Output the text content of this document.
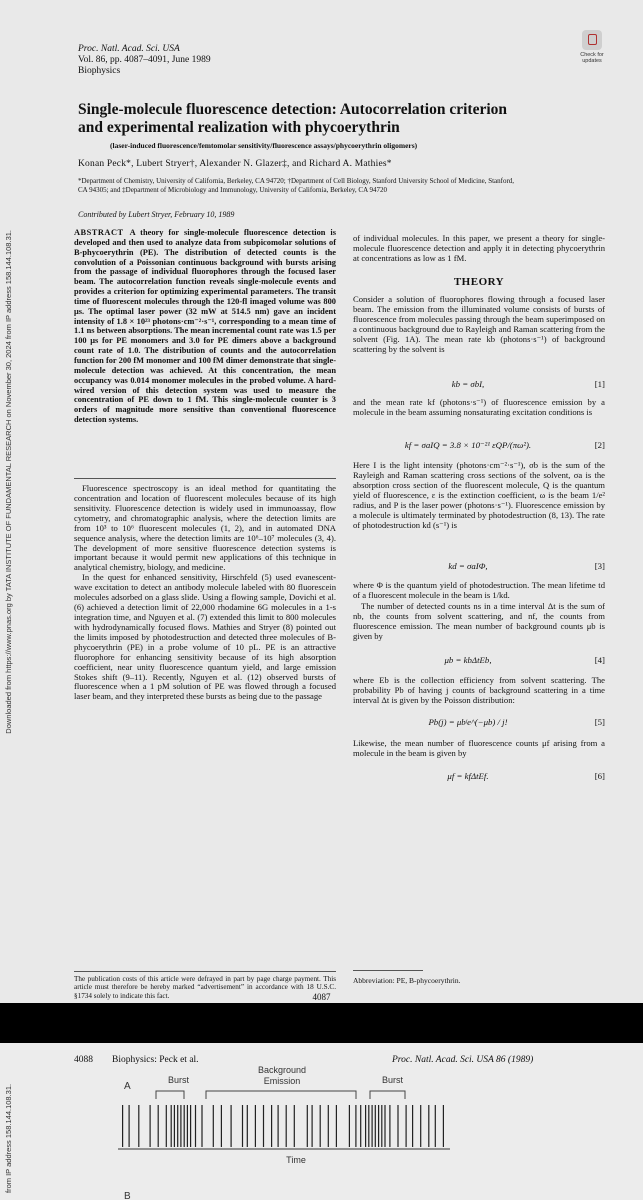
Downloaded from https://www.pnas.org by TATA INSTITUTE OF FUNDAMENTAL RESEARCH on November 30, 2024 from IP address 158.144.108.31.
Proc. Natl. Acad. Sci. USA
Vol. 86, pp. 4087–4091, June 1989
Biophysics
Check for
updates
Single-molecule fluorescence detection: Autocorrelation criterion
and experimental realization with phycoerythrin
(laser-induced fluorescence/femtomolar sensitivity/fluorescence assays/phycoerythrin oligomers)
Konan Peck*, Lubert Stryer†, Alexander N. Glazer‡, and Richard A. Mathies*
*Department of Chemistry, University of California, Berkeley, CA 94720; †Department of Cell Biology, Stanford University School of Medicine, Stanford,
CA 94305; and ‡Department of Microbiology and Immunology, University of California, Berkeley, CA 94720
Contributed by Lubert Stryer, February 10, 1989
ABSTRACT A theory for single-molecule fluorescence detection is developed and then used to analyze data from subpicomolar solutions of B-phycoerythrin (PE). The distribution of detected counts is the convolution of a Poissonian continuous background with bursts arising from the passage of individual fluorophores through the focused laser beam. The autocorrelation function reveals single-molecule events and provides a criterion for optimizing experimental parameters. The transit time of fluorescent molecules through the 120-fl imaged volume was 800 μs. The optimal laser power (32 mW at 514.5 nm) gave an incident intensity of 1.8 × 10²³ photons·cm⁻²·s⁻¹, corresponding to a mean time of 1.1 ns between absorptions. The mean incremental count rate was 1.5 per 100 μs for PE monomers and 3.0 for PE dimers above a background count rate of 1.0. The distribution of counts and the autocorrelation function for 200 fM monomer and 100 fM dimer demonstrate that single-molecule detection was achieved. At this concentration, the mean occupancy was 0.014 monomer molecules in the probed volume. A hard-wired version of this detection system was used to measure the concentration of PE down to 1 fM. This single-molecule counter is 3 orders of magnitude more sensitive than conventional fluorescence detection systems.

Fluorescence spectroscopy is an ideal method for quantitating the concentration and location of fluorescent molecules because of its high sensitivity. Fluorescence detection is widely used in immunoassay, flow cytometry, and chromatographic analysis, where the detection limits are from 10³ to 10⁶ fluorescent molecules (1, 2), and in automated DNA sequence analysis, where the detection limits are 10⁶–10⁷ molecules (3, 4). The development of more sensitive fluorescence detection systems is important because it would permit new applications of this technique in analytical chemistry, biology, and medicine.

In the quest for enhanced sensitivity, Hirschfeld (5) used evanescent-wave excitation to detect an antibody molecule labeled with 80 fluorescein molecules adsorbed on a glass slide. Using a flowing sample, Dovichi et al. (6) achieved a detection limit of 22,000 rhodamine 6G molecules in a 1-s integration time, and Nguyen et al. (7) extended this limit to 800 molecules with hydrodynamically focused flows. Mathies and Stryer (8) pointed out the limits imposed by photodestruction and detected three molecules of B-phycoerythrin (PE) in a probe volume of 10 pL. PE is an attractive fluorophore for enhancing sensitivity because of its high absorption coefficient, near unity fluorescence quantum yield, and large emission Stokes shift (9–11). Recently, Nguyen et al. (12) observed bursts of fluorescence when a 1 pM solution of PE was flowed through a focused laser beam, and they interpreted these bursts as being due to the passage

The publication costs of this article were defrayed in part by page charge payment. This article must therefore be hereby marked “advertisement” in accordance with 18 U.S.C. §1734 solely to indicate this fact.
of individual molecules. In this paper, we present a theory for single-molecule fluorescence detection and apply it in detecting phycoerythrin at concentrations as low as 1 fM.
THEORY
Consider a solution of fluorophores flowing through a focused laser beam. The emission from the illuminated volume consists of bursts of fluorescence from molecules passing through the beam superimposed on a continuous background due to Rayleigh and Raman scattering from the solvent (Fig. 1A). The mean rate kb (photons·s⁻¹) of background scattering by the solvent is
kb = σbI,	[1]
and the mean rate kf (photons·s⁻¹) of fluorescence emission by a molecule in the beam assuming nonsaturating excitation conditions is
kf = σaIQ = 3.8 × 10⁻²¹ εQP/(πω²).	[2]
Here I is the light intensity (photons·cm⁻²·s⁻¹), σb is the sum of the Rayleigh and Raman scattering cross sections of the solvent, σa is the absorption cross section of the fluorescent molecule, Q is the quantum yield of fluorescence, ε is the extinction coefficient, ω is the beam 1/e² radius, and P is the laser power (photons·s⁻¹). Fluorescence emission by a molecule is ultimately terminated by photodestruction (8, 13). The rate of photodestruction kd (s⁻¹) is
kd = σaIΦ,	[3]
where Φ is the quantum yield of photodestruction. The mean lifetime td of a fluorescent molecule in the beam is 1/kd.
The number of detected counts ns in a time interval Δt is the sum of nb, the counts from solvent scattering, and nf, the counts from fluorescence emission. The mean number of background counts μb is given by
μb = kbΔtEb,	[4]
where Eb is the collection efficiency from solvent scattering. The probability Pb of having j counts of background scattering in a time interval Δt is given by the Poisson distribution:
Pb(j) = μbʲe^(−μb) / j!	[5]
Likewise, the mean number of fluorescence counts μf arising from a molecule in the beam is given by
μf = kfΔtEf.	[6]
Abbreviation: PE, B-phycoerythrin.
4087
from IP address 158.144.108.31.
4088 Biophysics: Peck et al.	Proc. Natl. Acad. Sci. USA 86 (1989)
A
B
Burst
Background
Emission	Burst
Time
